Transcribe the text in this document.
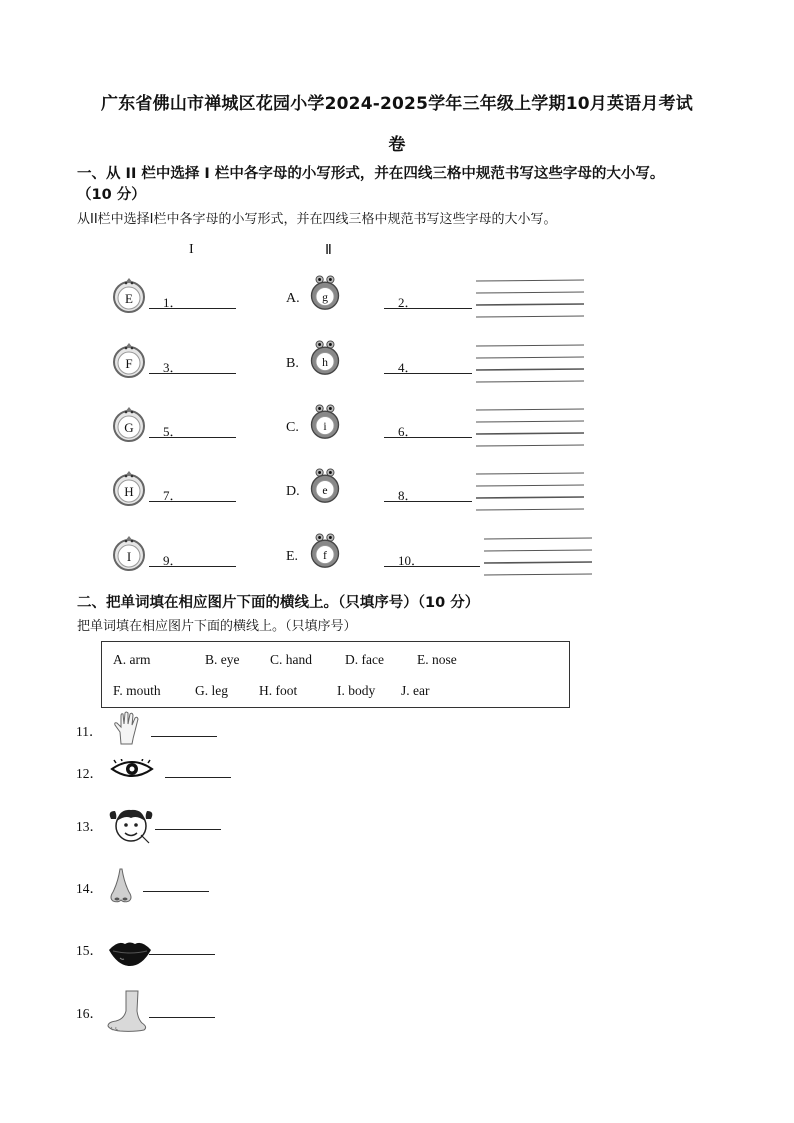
广东省佛山市禅城区花园小学2024-2025学年三年级上学期10月英语月考试
卷
一、从 II 栏中选择 I 栏中各字母的小写形式，并在四线三格中规范书写这些字母的大小写。
（10 分）
从II栏中选择I栏中各字母的小写形式，并在四线三格中规范书写这些字母的大小写。
I	Ⅱ
E	1．	A. g	2．
F	3．	B. h	4．
G	5．	C. i	6．
H	7．	D. e	8．
I	9．	E. f	10．
二、把单词填在相应图片下面的横线上。（只填序号）（10 分）
把单词填在相应图片下面的横线上。（只填序号）
A. arm	B. eye C. hand D. face E. nose
F. mouth	G. leg H. foot	I. body J. ear
11．
12．
13．
14．
15．
16．
